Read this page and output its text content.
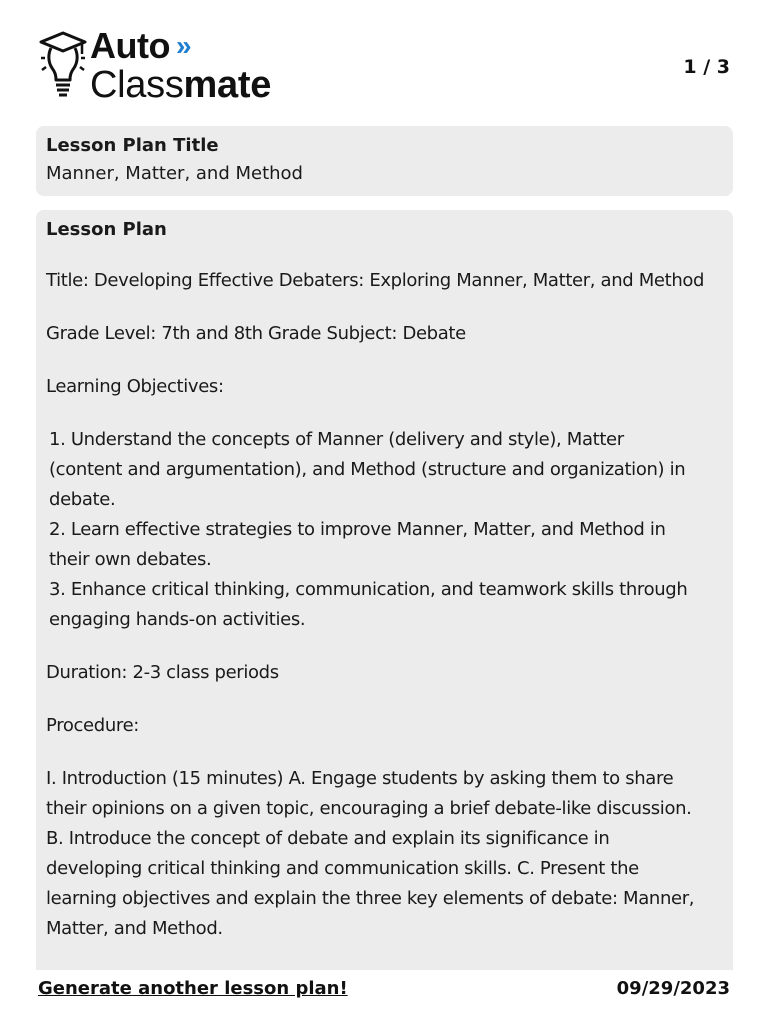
Auto »
Classmate	1 / 3
Lesson Plan Title
Manner, Matter, and Method
Lesson Plan

Title: Developing Effective Debaters: Exploring Manner, Matter, and Method

Grade Level: 7th and 8th Grade Subject: Debate

Learning Objectives:

1. Understand the concepts of Manner (delivery and style), Matter
(content and argumentation), and Method (structure and organization) in
debate.
2. Learn effective strategies to improve Manner, Matter, and Method in
their own debates.
3. Enhance critical thinking, communication, and teamwork skills through
engaging hands-on activities.

Duration: 2-3 class periods

Procedure:

I. Introduction (15 minutes) A. Engage students by asking them to share

their opinions on a given topic, encouraging a brief debate-like discussion.

B. Introduce the concept of debate and explain its significance in

developing critical thinking and communication skills. C. Present the

learning objectives and explain the three key elements of debate: Manner,

Matter, and Method.

Generate another lesson plan!	09/29/2023
